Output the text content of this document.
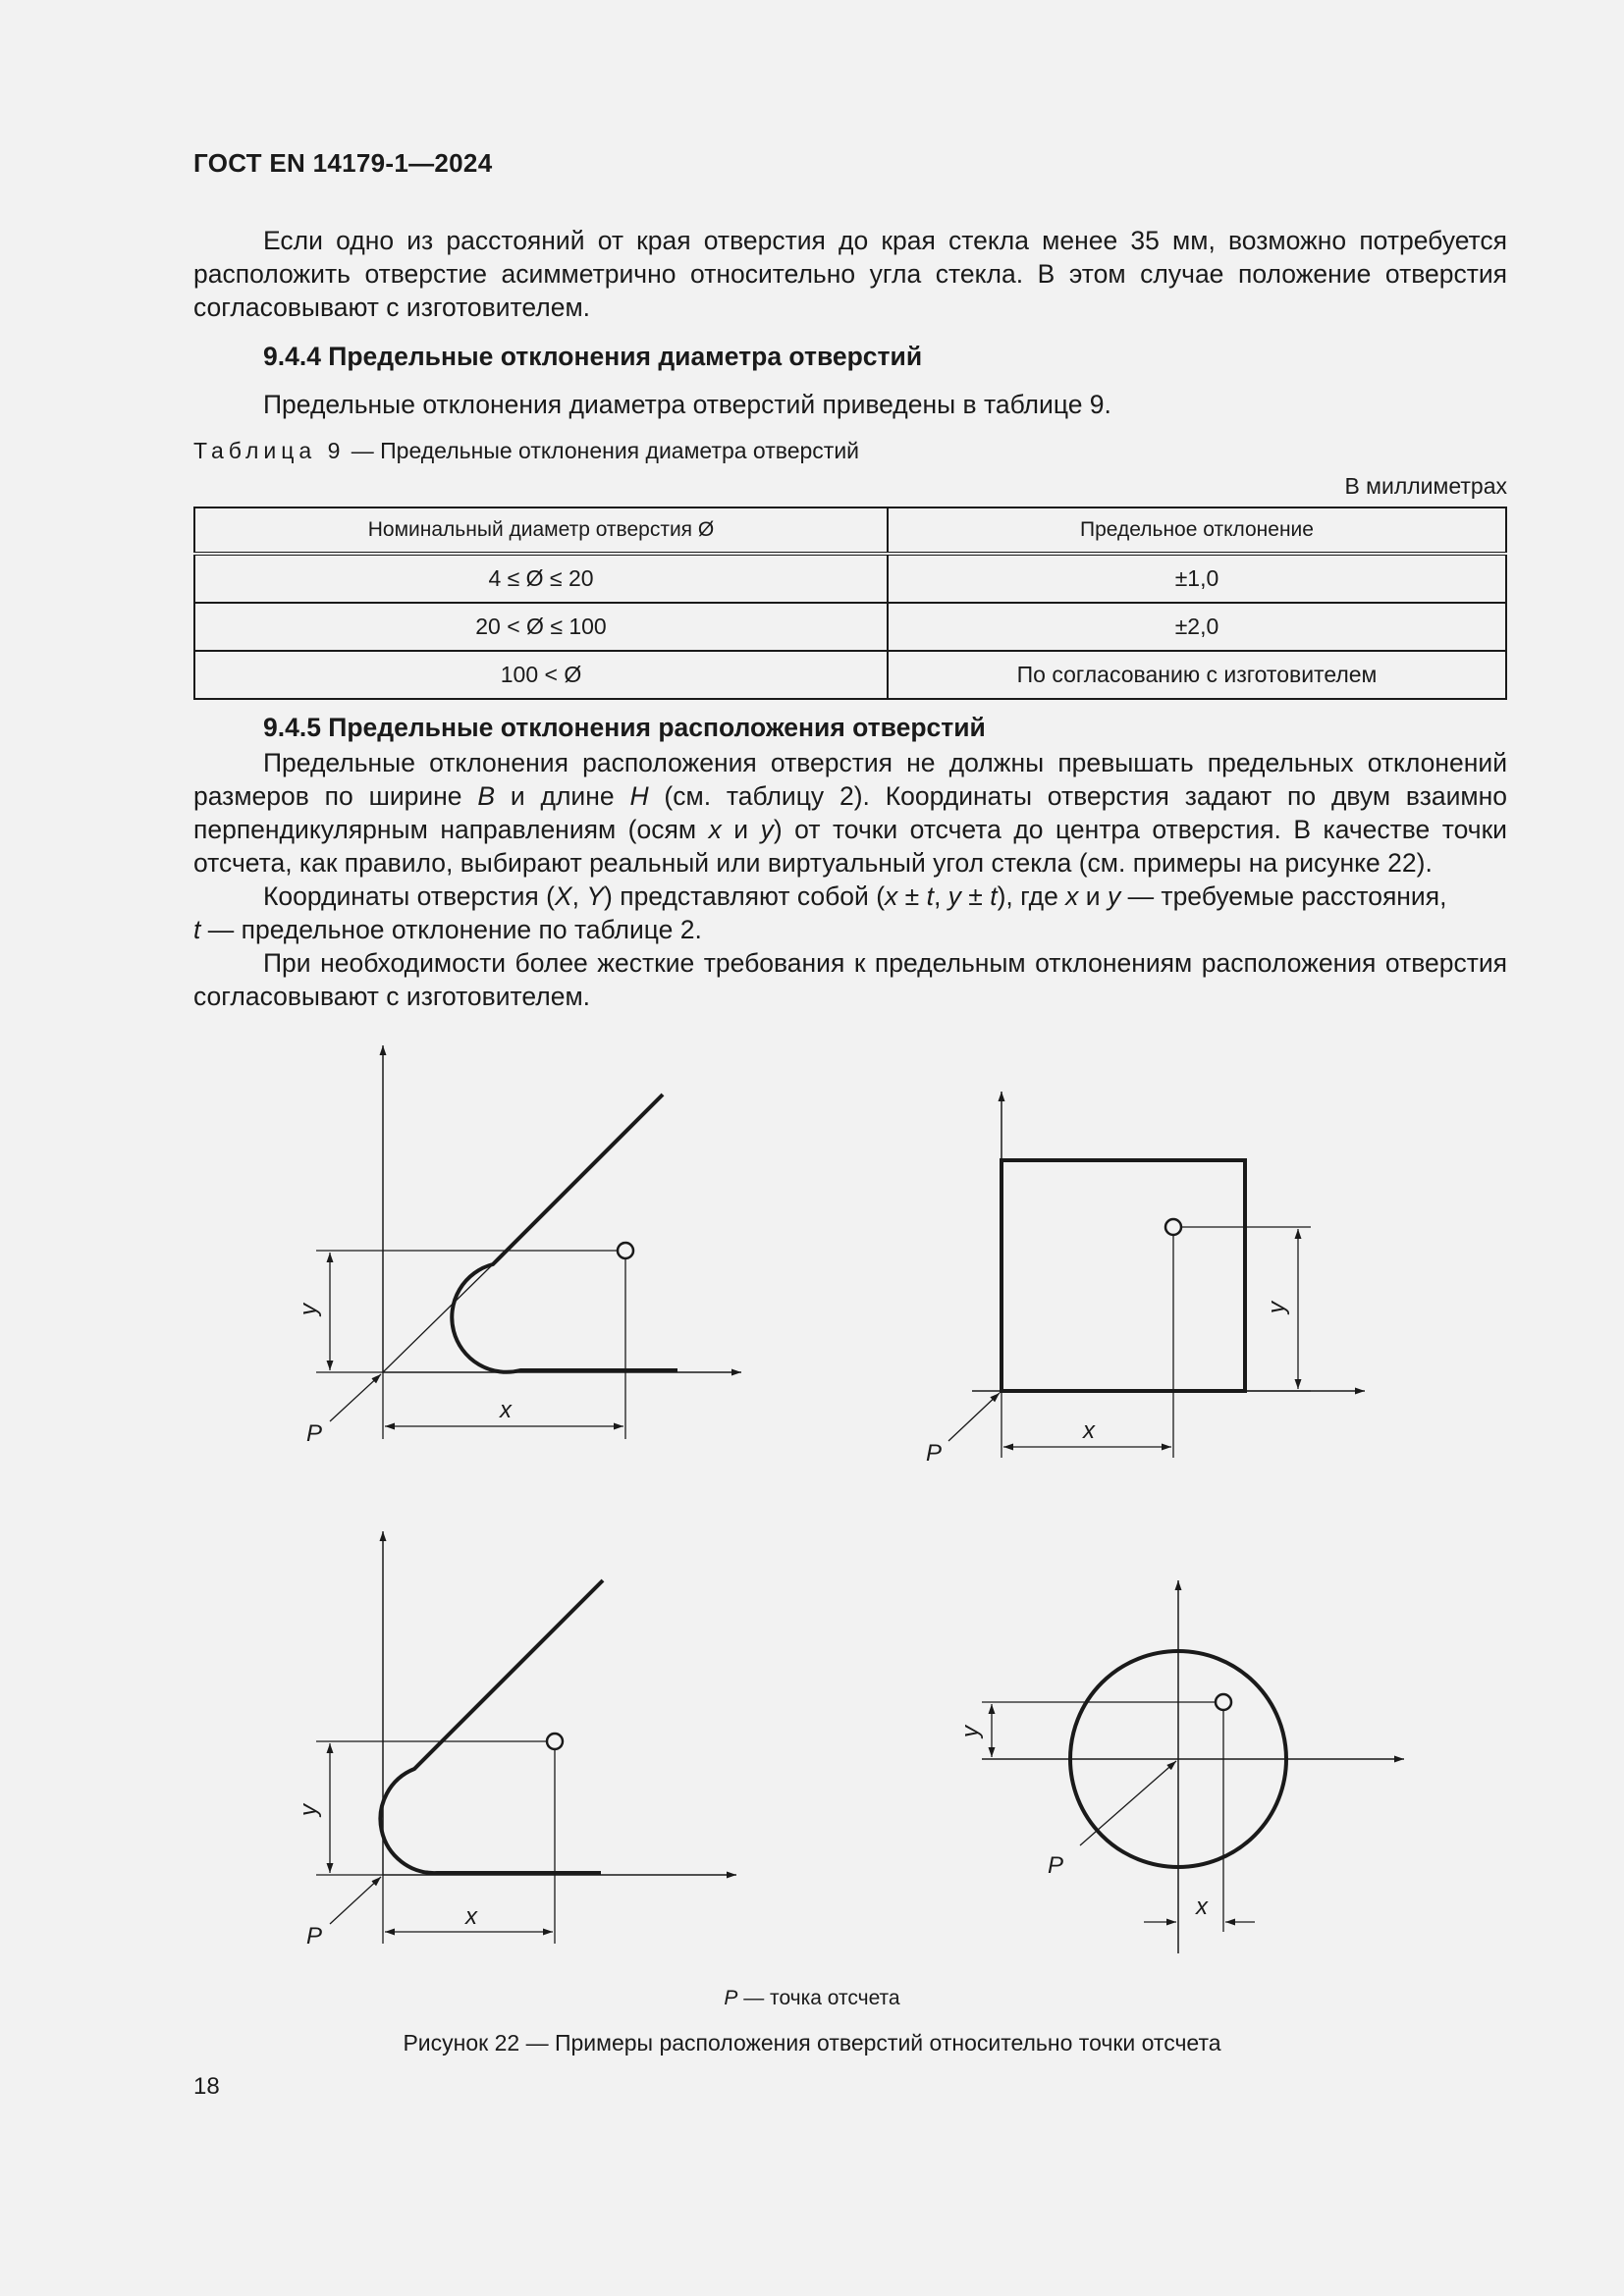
ГОСТ EN 14179-1—2024

Если одно из расстояний от края отверстия до края стекла менее 35 мм, возможно потребуется расположить отверстие асимметрично относительно угла стекла. В этом случае положение отверстия согласовывают с изготовителем.

9.4.4 Предельные отклонения диаметра отверстий

Предельные отклонения диаметра отверстий приведены в таблице 9.

Таблица 9 — Предельные отклонения диаметра отверстий
В миллиметрах
Номинальный диаметр отверстия Ø	Предельное отклонение
4 ≤ Ø ≤ 20	±1,0
20 < Ø ≤ 100	±2,0
100 < Ø	По согласованию с изготовителем
9.4.5 Предельные отклонения расположения отверстий

Предельные отклонения расположения отверстия не должны превышать предельных отклонений размеров по ширине B и длине H (см. таблицу 2). Координаты отверстия задают по двум взаимно перпендикулярным направлениям (осям x и y) от точки отсчета до центра отверстия. В качестве точки отсчета, как правило, выбирают реальный или виртуальный угол стекла (см. примеры на рисунке 22).

Координаты отверстия (X, Y) представляют собой (x ± t, y ± t), где x и y — требуемые расстояния,
t — предельное отклонение по таблице 2.

При необходимости более жесткие требования к предельным отклонениям расположения отверстия согласовывают с изготовителем.

P
x
y
P
x
y
P
x
y
P
x
y
P — точка отсчета
Рисунок 22 — Примеры расположения отверстий относительно точки отсчета
18
